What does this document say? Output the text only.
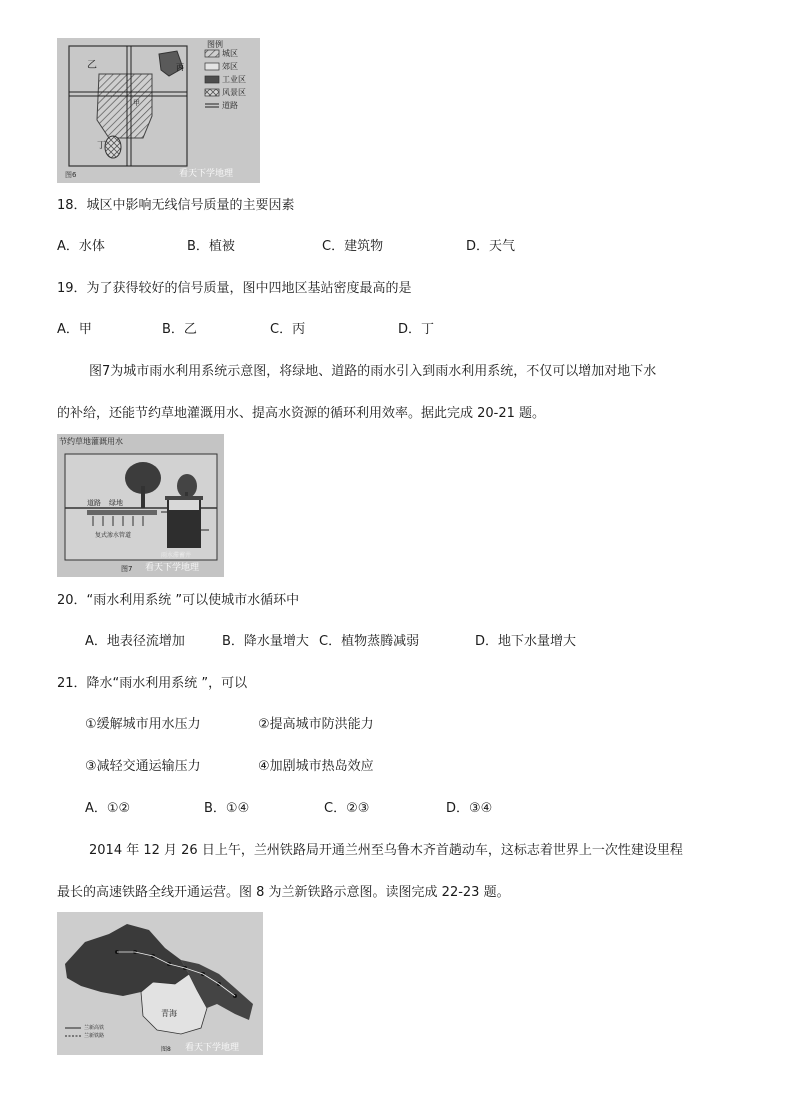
乙	丙
甲
丁
图例
城区
郊区
工业区
风景区
道路
图6	看天下学地理
18．城区中影响无线信号质量的主要因素
A．水体	B．植被	C．建筑物	D．天气
19．为了获得较好的信号质量，图中四地区基站密度最高的是
A．甲	B．乙	C．丙	D．丁
图7为城市雨水利用系统示意图，将绿地、道路的雨水引入到雨水利用系统，不仅可以增加对地下水
的补给，还能节约草地灌溉用水、提高水资源的循环利用效率。据此完成 20-21 题。
节约草地灌溉用水
道路 绿地
复式渗水管道
雨水滞蓄井
图7 看天下学地理
20．“雨水利用系统 ”可以使城市水循环中
A．地表径流增加	B．降水量增大 C．植物蒸腾减弱	D．地下水量增大
21．降水“雨水利用系统 ”，可以
①缓解城市用水压力	②提高城市防洪能力
③减轻交通运输压力	④加剧城市热岛效应
A．①②	B．①④	C．②③	D．③④
2014 年 12 月 26 日上午，兰州铁路局开通兰州至乌鲁木齐首趟动车，这标志着世界上一次性建设里程
最长的高速铁路全线开通运营。图 8 为兰新铁路示意图。读图完成 22-23 题。
青海
兰新高铁
兰新铁路
图8 看天下学地理
